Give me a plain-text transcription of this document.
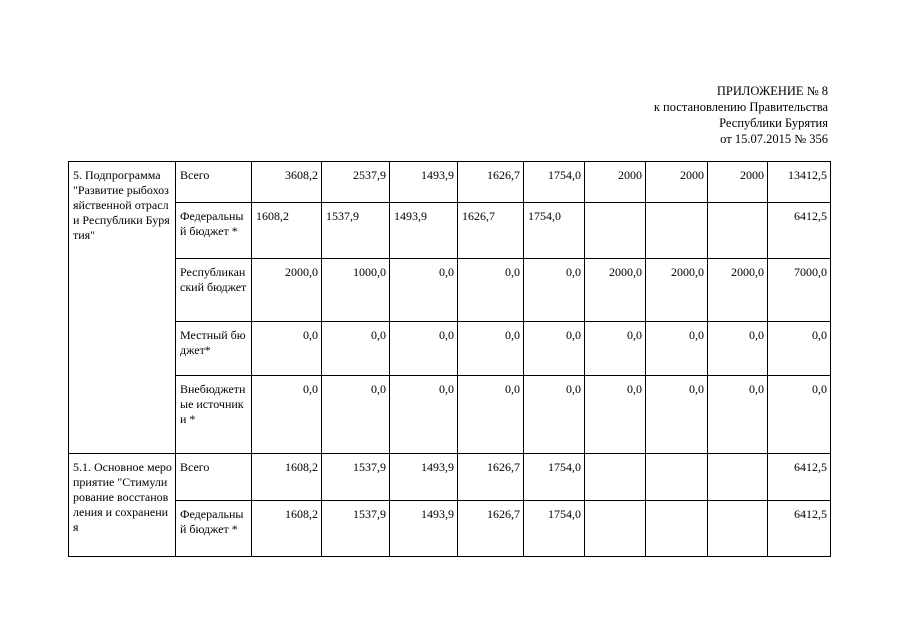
ПРИЛОЖЕНИЕ № 8
к постановлению Правительства
Республики Бурятия
от 15.07.2015 № 356
5. Подпрограмма "Развитие рыбохозяйственной отрасли Республики Бурятия"	Всего	3608,2	2537,9	1493,9	1626,7	1754,0	2000	2000	2000	13412,5
	Федеральный бюджет *	1608,2	1537,9	1493,9	1626,7	1754,0				6412,5
	Республиканский бюджет	2000,0	1000,0	0,0	0,0	0,0	2000,0	2000,0	2000,0	7000,0
	Местный бюджет*	0,0	0,0	0,0	0,0	0,0	0,0	0,0	0,0	0,0
	Внебюджетные источники *	0,0	0,0	0,0	0,0	0,0	0,0	0,0	0,0	0,0
5.1. Основное мероприятие "Стимулирование восстановления и сохранения	Всего	1608,2	1537,9	1493,9	1626,7	1754,0				6412,5
	Федеральный бюджет *	1608,2	1537,9	1493,9	1626,7	1754,0				6412,5
